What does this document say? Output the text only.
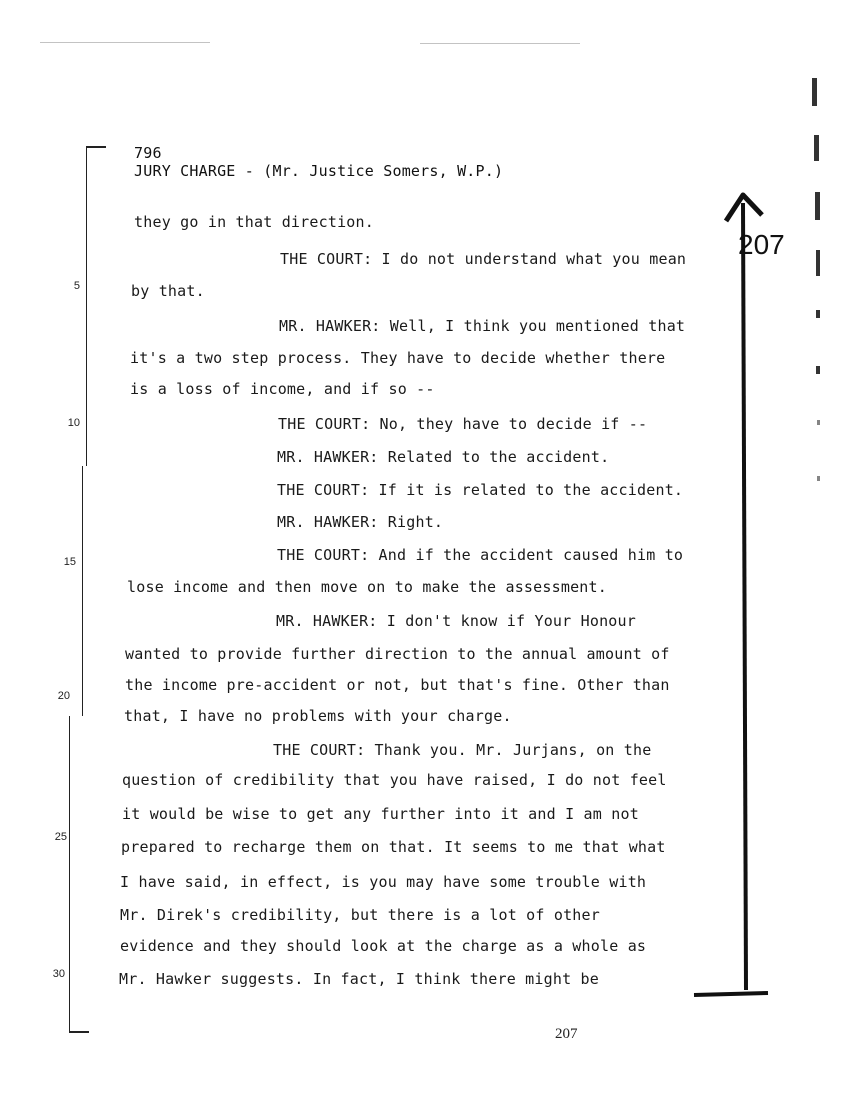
5
10
15
20
25
30
796
JURY CHARGE - (Mr. Justice Somers, W.P.)
they go in that direction.
THE COURT: I do not understand what you mean
by that.
MR. HAWKER: Well, I think you mentioned that
it's a two step process. They have to decide whether there
is a loss of income, and if so --
THE COURT: No, they have to decide if --
MR. HAWKER: Related to the accident.
THE COURT: If it is related to the accident.
MR. HAWKER: Right.
THE COURT: And if the accident caused him to
lose income and then move on to make the assessment.
MR. HAWKER: I don't know if Your Honour
wanted to provide further direction to the annual amount of
the income pre-accident or not, but that's fine. Other than
that, I have no problems with your charge.
THE COURT: Thank you. Mr. Jurjans, on the
question of credibility that you have raised, I do not feel
it would be wise to get any further into it and I am not
prepared to recharge them on that. It seems to me that what
I have said, in effect, is you may have some trouble with
Mr. Direk's credibility, but there is a lot of other
evidence and they should look at the charge as a whole as
Mr. Hawker suggests. In fact, I think there might be
207
207
